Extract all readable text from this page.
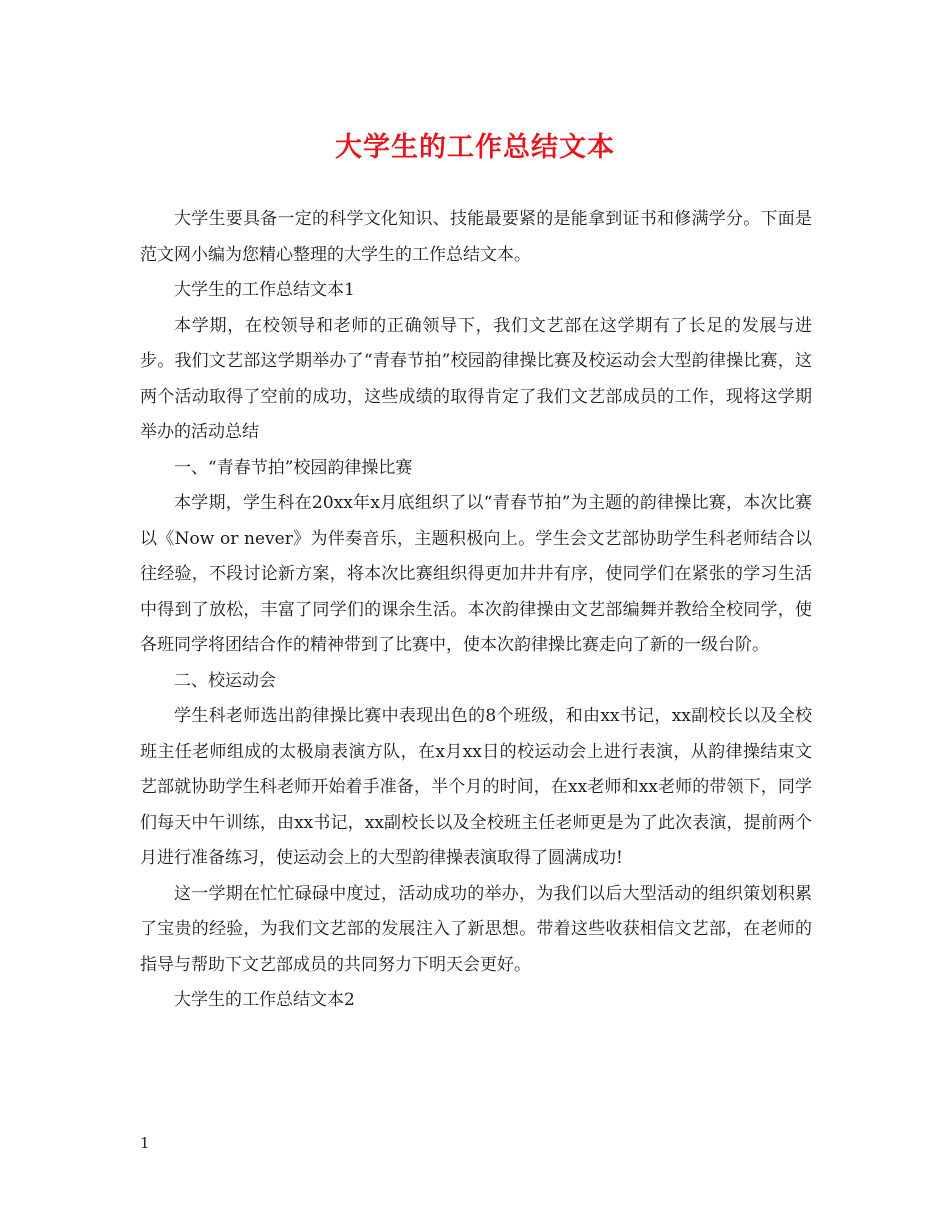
大学生的工作总结文本

大学生要具备一定的科学文化知识、技能最要紧的是能拿到证书和修满学分。下面是范文网小编为您精心整理的大学生的工作总结文本。

大学生的工作总结文本1

本学期，在校领导和老师的正确领导下，我们文艺部在这学期有了长足的发展与进步。我们文艺部这学期举办了“青春节拍”校园韵律操比赛及校运动会大型韵律操比赛，这两个活动取得了空前的成功，这些成绩的取得肯定了我们文艺部成员的工作，现将这学期举办的活动总结

一、“青春节拍”校园韵律操比赛

本学期，学生科在20xx年x月底组织了以“青春节拍”为主题的韵律操比赛，本次比赛以《Now or never》为伴奏音乐，主题积极向上。学生会文艺部协助学生科老师结合以往经验，不段讨论新方案，将本次比赛组织得更加井井有序，使同学们在紧张的学习生活中得到了放松，丰富了同学们的课余生活。本次韵律操由文艺部编舞并教给全校同学，使各班同学将团结合作的精神带到了比赛中，使本次韵律操比赛走向了新的一级台阶。

二、校运动会

学生科老师选出韵律操比赛中表现出色的8个班级，和由xx书记，xx副校长以及全校班主任老师组成的太极扇表演方队，在x月xx日的校运动会上进行表演，从韵律操结束文艺部就协助学生科老师开始着手准备，半个月的时间，在xx老师和xx老师的带领下，同学们每天中午训练，由xx书记，xx副校长以及全校班主任老师更是为了此次表演，提前两个月进行准备练习，使运动会上的大型韵律操表演取得了圆满成功!

这一学期在忙忙碌碌中度过，活动成功的举办，为我们以后大型活动的组织策划积累了宝贵的经验，为我们文艺部的发展注入了新思想。带着这些收获相信文艺部，在老师的指导与帮助下文艺部成员的共同努力下明天会更好。

大学生的工作总结文本2

1
